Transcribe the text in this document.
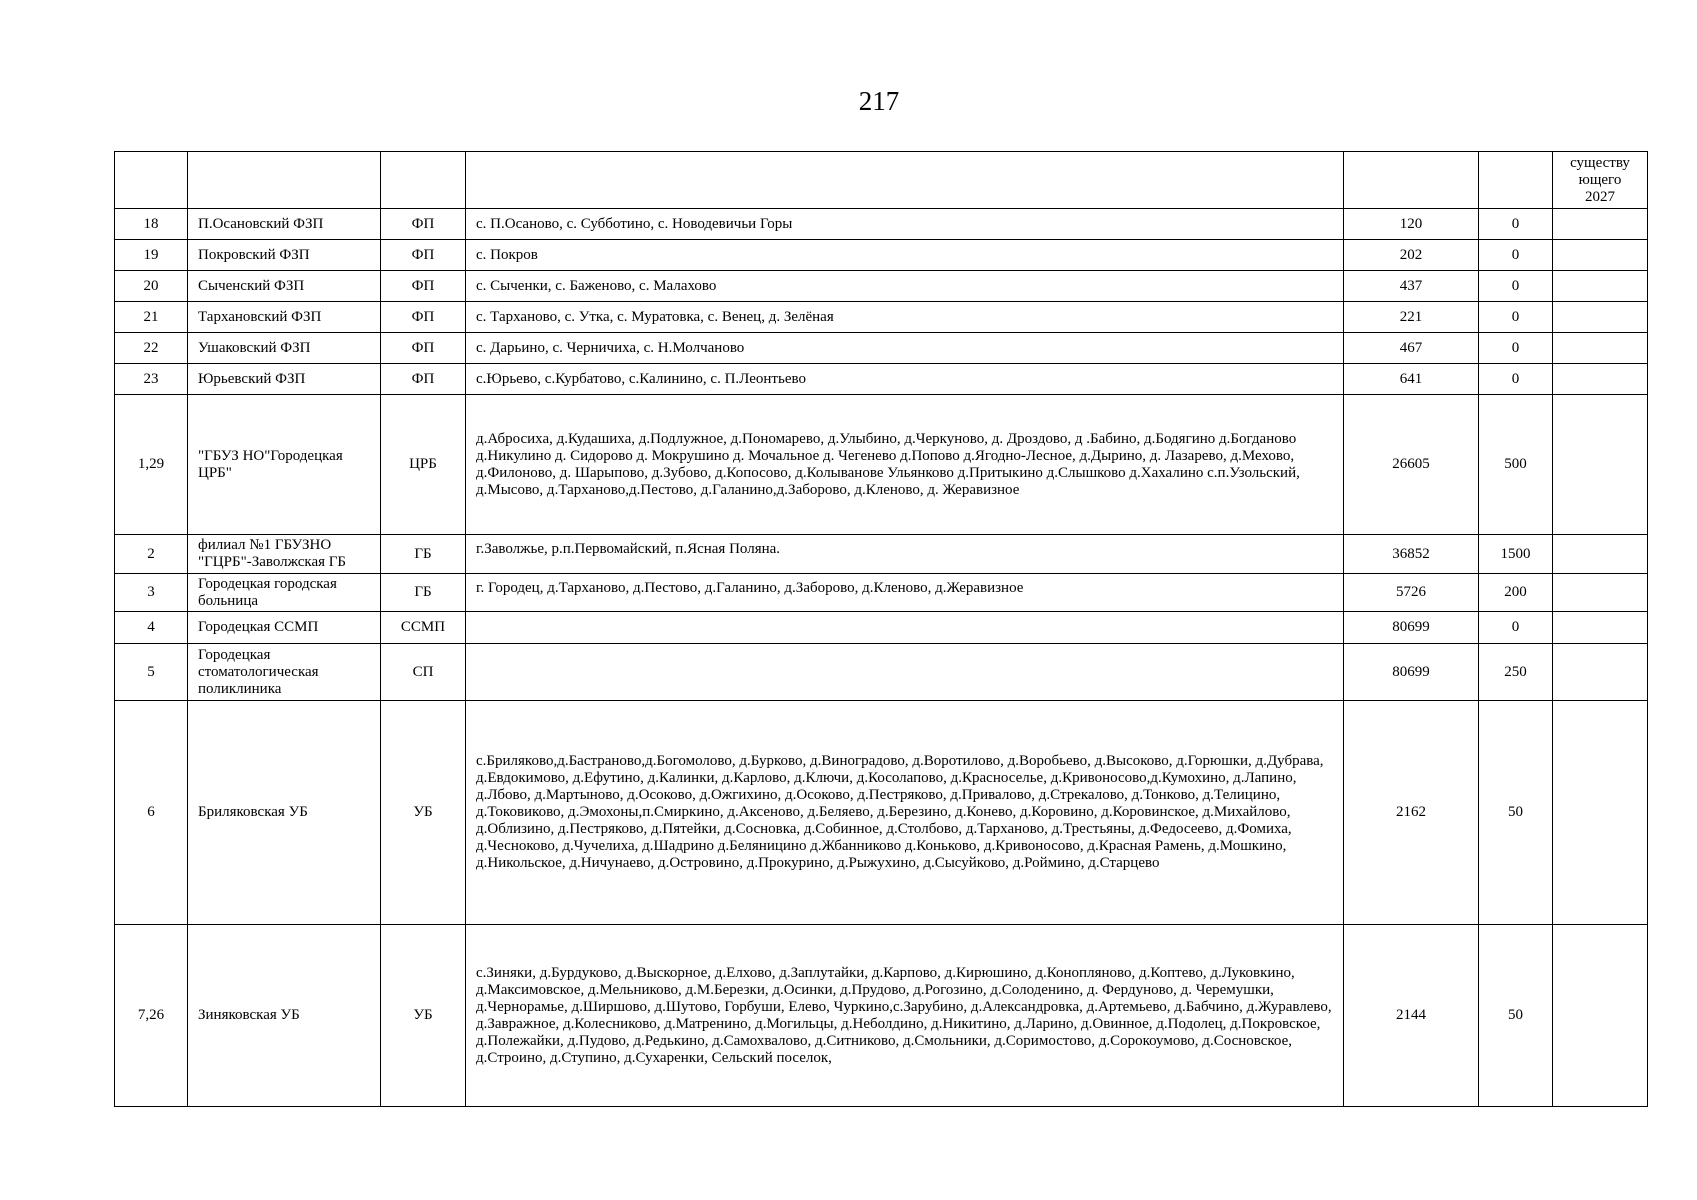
217
						существу ющего 2027
18	П.Осановский ФЗП	ФП	с. П.Осаново, с. Субботино, с. Новодевичьи Горы	120	0	
19	Покровский ФЗП	ФП	с. Покров	202	0	
20	Сыченский ФЗП	ФП	с. Сыченки, с. Баженово, с. Малахово	437	0	
21	Тархановский ФЗП	ФП	с. Тарханово, с. Утка, с. Муратовка, с. Венец, д. Зелёная	221	0	
22	Ушаковский ФЗП	ФП	с. Дарьино, с. Черничиха, с. Н.Молчаново	467	0	
23	Юрьевский ФЗП	ФП	с.Юрьево, с.Курбатово, с.Калинино, с. П.Леонтьево	641	0	
1,29	"ГБУЗ НО"Городецкая ЦРБ"	ЦРБ	д.Абросиха, д.Кудашиха, д.Подлужное, д.Пономарево, д.Улыбино, д.Черкуново, д. Дроздово, д .Бабино, д.Бодягино д.Богданово д.Никулино д. Сидорово д. Мокрушино д. Мочальное д. Чегенево д.Попово д.Ягодно-Лесное, д.Дырино, д. Лазарево, д.Мехово, д.Филоново, д. Шарыпово, д.Зубово, д.Копосово, д.Колыванове Ульянково д.Притыкино д.Слышково д.Хахалино с.п.Узольский, д.Мысово, д.Тарханово,д.Пестово, д.Галанино,д.Заборово, д.Кленово, д. Жеравизное	26605	500	
2	филиал №1 ГБУЗНО "ГЦРБ"-Заволжская ГБ	ГБ	г.Заволжье, р.п.Первомайский, п.Ясная Поляна.	36852	1500	
3	Городецкая городская больница	ГБ	г. Городец, д.Тарханово, д.Пестово, д.Галанино, д.Заборово, д.Кленово, д.Жеравизное	5726	200	
4	Городецкая ССМП	ССМП		80699	0	
5	Городецкая стоматологическая поликлиника	СП		80699	250	
6	Бриляковская УБ	УБ	с.Бриляково,д.Бастраново,д.Богомолово, д.Бурково, д.Виноградово, д.Воротилово, д.Воробьево, д.Высоково, д.Горюшки, д.Дубрава, д.Евдокимово, д.Ефутино, д.Калинки, д.Карлово, д.Ключи, д.Косолапово, д.Красноселье, д.Кривоносово,д.Кумохино, д.Лапино, д.Лбово, д.Мартыново, д.Осоково, д.Ожгихино, д.Осоково, д.Пестряково, д.Привалово, д.Стрекалово, д.Тонково, д.Телицино, д.Токовиково, д.Эмохоны,п.Смиркино, д.Аксеново, д.Беляево, д.Березино, д.Конево, д.Коровино, д.Коровинское, д.Михайлово, д.Облизино, д.Пестряково, д.Пятейки, д.Сосновка, д.Собинное, д.Столбово, д.Тарханово, д.Трестьяны, д.Федосеево, д.Фомиха, д.Чесноково, д.Чучелиха, д.Шадрино д.Беляницино д.Жбанниково д.Коньково, д.Кривоносово, д.Красная Рамень, д.Мошкино, д.Никольское, д.Ничунаево, д.Островино, д.Прокурино, д.Рыжухино, д.Сысуйково, д.Роймино, д.Старцево	2162	50	
7,26	Зиняковская УБ	УБ	с.Зиняки, д.Бурдуково, д.Выскорное, д.Елхово, д.Заплутайки, д.Карпово, д.Кирюшино, д.Конопляново, д.Коптево, д.Луковкино, д.Максимовское, д.Мельниково, д.М.Березки, д.Осинки, д.Прудово, д.Рогозино, д.Солоденино, д. Фердуново, д. Черемушки, д.Чернорамье, д.Ширшово, д.Шутово, Горбуши, Елево, Чуркино,с.Зарубино, д.Александровка, д.Артемьево, д.Бабчино, д.Журавлево, д.Завражное, д.Колесниково, д.Матренино, д.Могильцы, д.Неболдино, д.Никитино, д.Ларино, д.Овинное, д.Подолец, д.Покровское, д.Полежайки, д.Пудово, д.Редькино, д.Самохвалово, д.Ситниково, д.Смольники, д.Соримостово, д.Сорокоумово, д.Сосновское, д.Строино, д.Ступино, д.Сухаренки, Сельский поселок,	2144	50	
